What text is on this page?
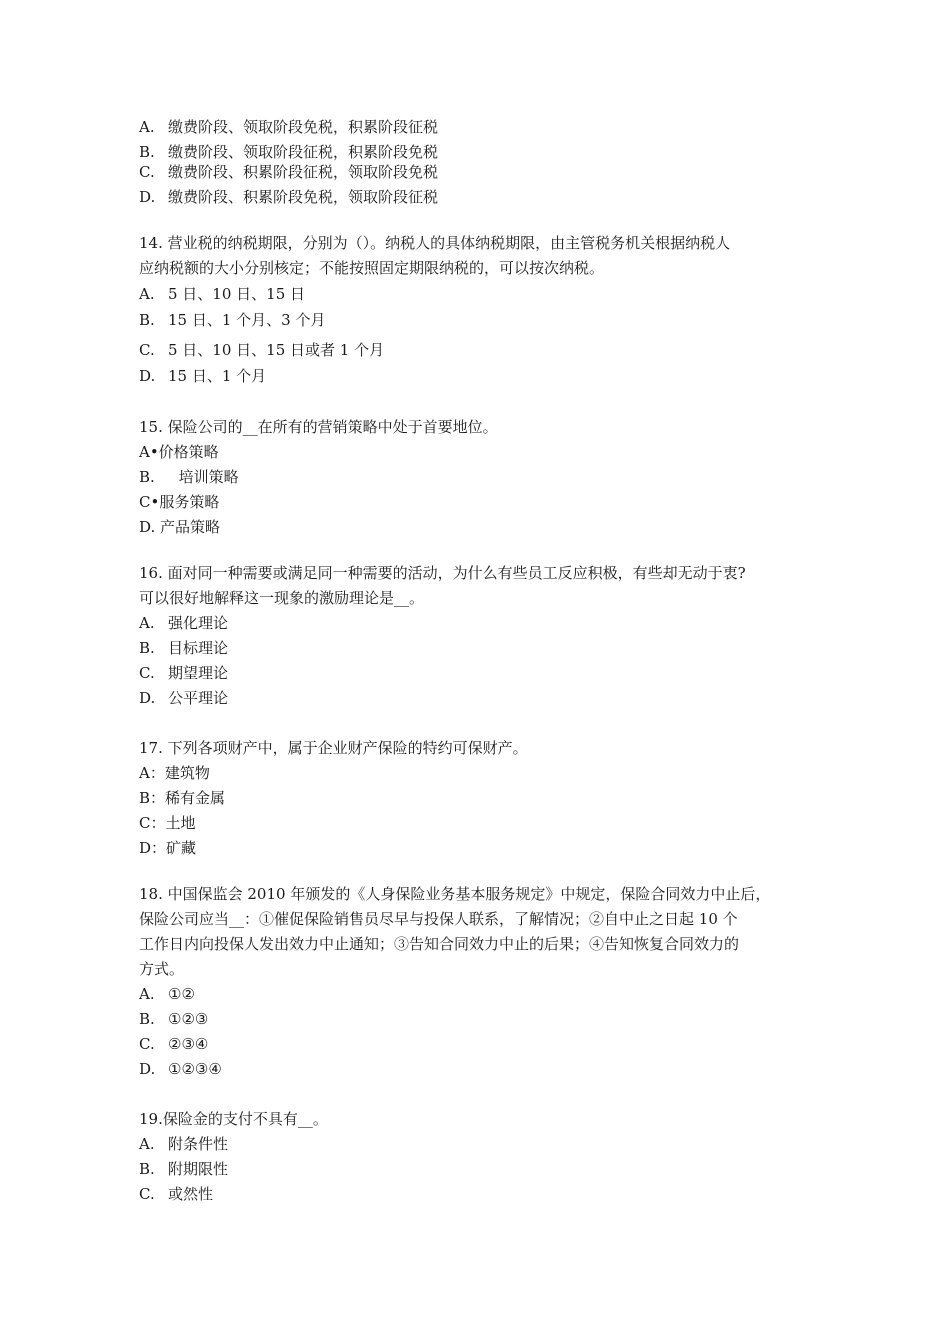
A. 缴费阶段、领取阶段免税，积累阶段征税
B. 缴费阶段、领取阶段征税，积累阶段免税
C. 缴费阶段、积累阶段征税，领取阶段免税
D. 缴费阶段、积累阶段免税，领取阶段征税
14. 营业税的纳税期限，分别为（）。纳税人的具体纳税期限，由主管税务机关根据纳税人
应纳税额的大小分别核定；不能按照固定期限纳税的，可以按次纳税。
A. 5 日、10 日、15 日
B. 15 日、1 个月、3 个月
C. 5 日、10 日、15 日或者 1 个月
D. 15 日、1 个月
15. 保险公司的__在所有的营销策略中处于首要地位。
A•价格策略
B.     培训策略
C•服务策略
D. 产品策略
16. 面对同一种需要或满足同一种需要的活动，为什么有些员工反应积极，有些却无动于衷?
可以很好地解释这一现象的激励理论是__。
A. 强化理论
B. 目标理论
C. 期望理论
D. 公平理论
17. 下列各项财产中，属于企业财产保险的特约可保财产。
A：建筑物
B：稀有金属
C：土地
D：矿藏
18. 中国保监会 2010 年颁发的《人身保险业务基本服务规定》中规定，保险合同效力中止后，
保险公司应当__：①催促保险销售员尽早与投保人联系，了解情况；②自中止之日起 10 个
工作日内向投保人发出效力中止通知；③告知合同效力中止的后果；④告知恢复合同效力的
方式。
A. ①②
B. ①②③
C. ②③④
D. ①②③④
19.保险金的支付不具有__。
A. 附条件性
B. 附期限性
C. 或然性
